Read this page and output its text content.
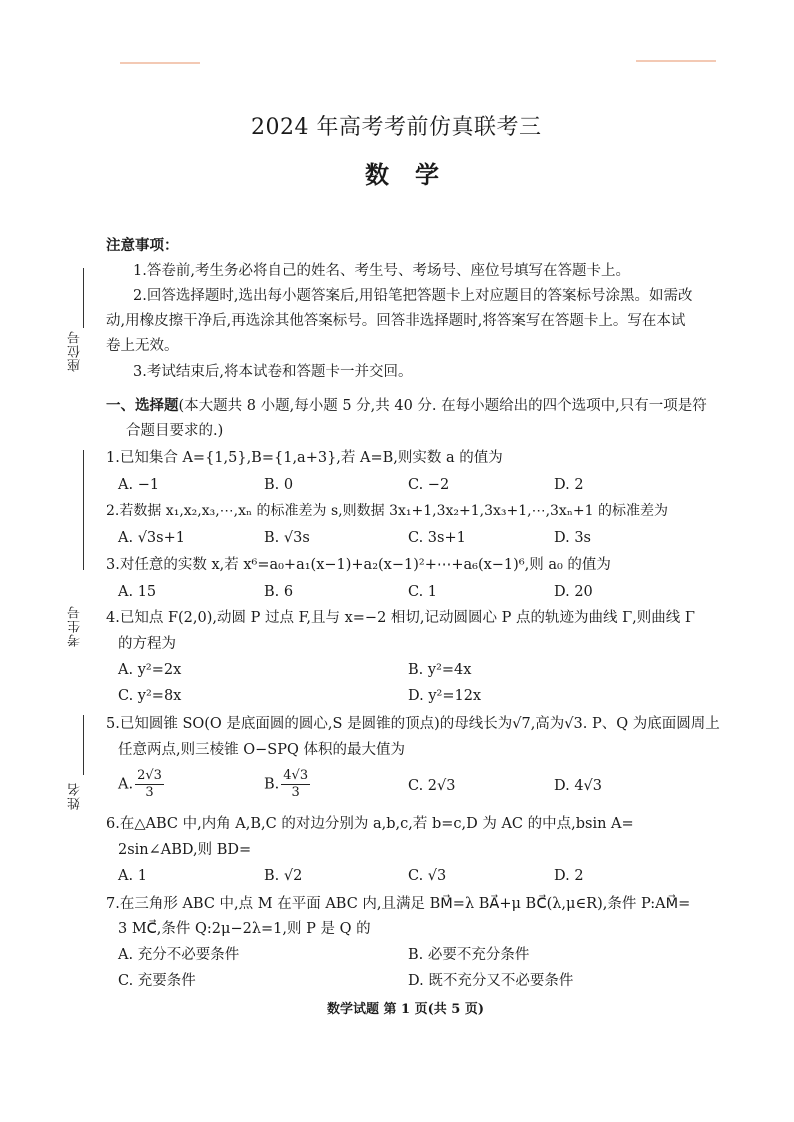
2024 年高考考前仿真联考三
数学
座位号
考生号
姓名
注意事项：
1.答卷前,考生务必将自己的姓名、考生号、考场号、座位号填写在答题卡上。
2.回答选择题时,选出每小题答案后,用铅笔把答题卡上对应题目的答案标号涂黑。如需改
动,用橡皮擦干净后,再选涂其他答案标号。回答非选择题时,将答案写在答题卡上。写在本试
卷上无效。
3.考试结束后,将本试卷和答题卡一并交回。
一、选择题(本大题共 8 小题,每小题 5 分,共 40 分. 在每小题给出的四个选项中,只有一项是符
合题目要求的.)
1.已知集合 A={1,5},B={1,a+3},若 A=B,则实数 a 的值为
A. −1	B. 0	C. −2	D. 2
2.若数据 x₁,x₂,x₃,⋯,xₙ 的标准差为 s,则数据 3x₁+1,3x₂+1,3x₃+1,⋯,3xₙ+1 的标准差为
A. √3s+1	B. √3s	C. 3s+1	D. 3s
3.对任意的实数 x,若 x⁶=a₀+a₁(x−1)+a₂(x−1)²+⋯+a₆(x−1)⁶,则 a₀ 的值为
A. 15	B. 6	C. 1	D. 20
4.已知点 F(2,0),动圆 P 过点 F,且与 x=−2 相切,记动圆圆心 P 点的轨迹为曲线 Γ,则曲线 Γ
的方程为
A. y²=2x	B. y²=4x
C. y²=8x	D. y²=12x
5.已知圆锥 SO(O 是底面圆的圆心,S 是圆锥的顶点)的母线长为√7,高为√3. P、Q 为底面圆周上
任意两点,则三棱锥 O−SPQ 体积的最大值为
A. $\frac{2√3}{3}$	B. $\frac{4√3}{3}$	C. 2√3	D. 4√3
6.在△ABC 中,内角 A,B,C 的对边分别为 a,b,c,若 b=c,D 为 AC 的中点,bsin A=
2sin∠ABD,则 BD=
A. 1	B. √2	C. √3	D. 2
7.在三角形 ABC 中,点 M 在平面 ABC 内,且满足 BM⃗=λ BA⃗+μ BC⃗(λ,μ∈R),条件 P:AM⃗=
3 MC⃗,条件 Q:2μ−2λ=1,则 P 是 Q 的
A. 充分不必要条件	B. 必要不充分条件
C. 充要条件	D. 既不充分又不必要条件
数学试题 第 1 页(共 5 页)
